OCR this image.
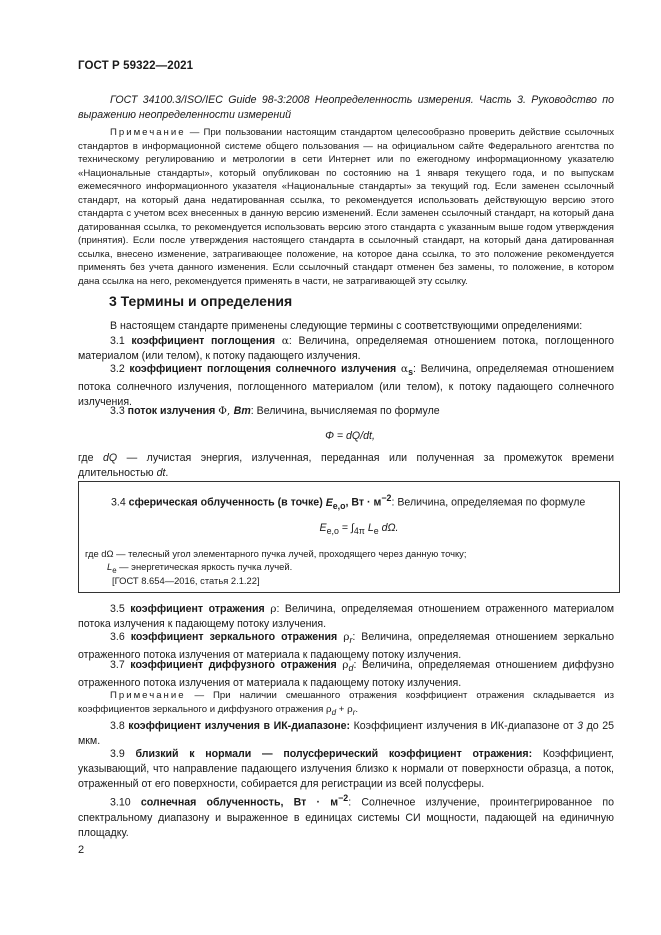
ГОСТ Р 59322—2021

ГОСТ 34100.3/ISO/IEC Guide 98-3:2008 Неопределенность измерения. Часть 3. Руководство по выражению неопределенности измерений

Примечание — При пользовании настоящим стандартом целесообразно проверить действие ссылочных стандартов в информационной системе общего пользования — на официальном сайте Федерального агентства по техническому регулированию и метрологии в сети Интернет или по ежегодному информационному указателю «Национальные стандарты», который опубликован по состоянию на 1 января текущего года, и по выпускам ежемесячного информационного указателя «Национальные стандарты» за текущий год. Если заменен ссылочный стандарт, на который дана недатированная ссылка, то рекомендуется использовать действующую версию этого стандарта с учетом всех внесенных в данную версию изменений. Если заменен ссылочный стандарт, на который дана датированная ссылка, то рекомендуется использовать версию этого стандарта с указанным выше годом утверждения (принятия). Если после утверждения настоящего стандарта в ссылочный стандарт, на который дана датированная ссылка, внесено изменение, затрагивающее положение, на которое дана ссылка, то это положение рекомендуется применять без учета данного изменения. Если ссылочный стандарт отменен без замены, то положение, в котором дана ссылка на него, рекомендуется применять в части, не затрагивающей эту ссылку.

3 Термины и определения

В настоящем стандарте применены следующие термины с соответствующими определениями:

3.1 коэффициент поглощения α: Величина, определяемая отношением потока, поглощенного материалом (или телом), к потоку падающего излучения.

3.2 коэффициент поглощения солнечного излучения $\alpha_s$: Величина, определяемая отношением потока солнечного излучения, поглощенного материалом (или телом), к потоку падающего солнечного излучения.

3.3 поток излучения Φ, Вт: Величина, вычисляемая по формуле

Φ = dQ/dt,

где dQ — лучистая энергия, излученная, переданная или полученная за промежуток времени длительностью dt.

3.4 сферическая облученность (в точке) $E_{e,o}$, Вт · $м^{-2}$: Величина, определяемая по формуле

$E_{e,o} = \int_{4\pi}$ $L_e$ dΩ.
где dΩ — телесный угол элементарного пучка лучей, проходящего через данную точку;
$L_e$ — энергетическая яркость пучка лучей.
[ГОСТ 8.654—2016, статья 2.1.22]

3.5 коэффициент отражения ρ: Величина, определяемая отношением отраженного материалом потока излучения к падающему потоку излучения.

3.6 коэффициент зеркального отражения $\rho_r$: Величина, определяемая отношением зеркально отраженного потока излучения от материала к падающему потоку излучения.

3.7 коэффициент диффузного отражения $\rho_d$: Величина, определяемая отношением диффузно отраженного потока излучения от материала к падающему потоку излучения.

Примечание — При наличии смешанного отражения коэффициент отражения складывается из коэффициентов зеркального и диффузного отражения $\rho_d + \rho_r$.

3.8 коэффициент излучения в ИК-диапазоне: Коэффициент излучения в ИК-диапазоне от 3 до 25 мкм.

3.9 близкий к нормали — полусферический коэффициент отражения: Коэффициент, указывающий, что направление падающего излучения близко к нормали от поверхности образца, а поток, отраженный от его поверхности, собирается для регистрации из всей полусферы.

3.10 солнечная облученность, Вт · $м^{-2}$: Солнечное излучение, проинтегрированное по спектральному диапазону и выраженное в единицах системы СИ мощности, падающей на единичную площадку.

2
